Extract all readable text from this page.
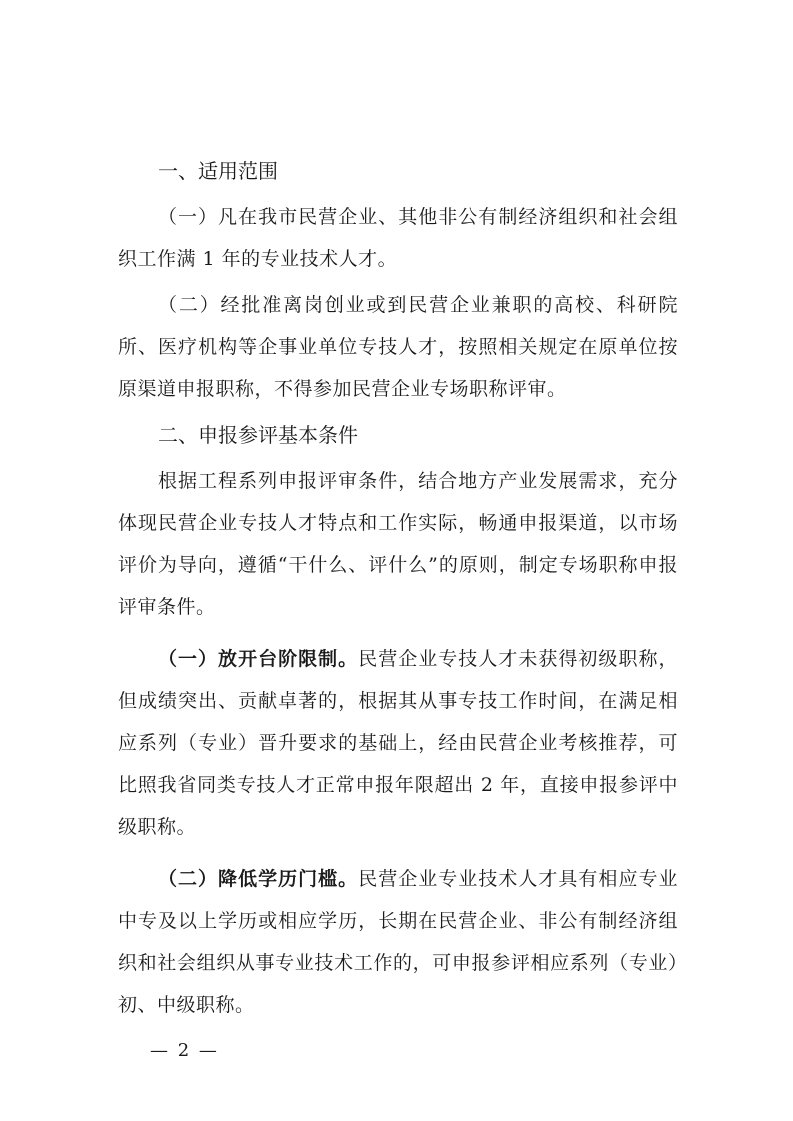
一、适用范围

（一）凡在我市民营企业、其他非公有制经济组织和社会组织工作满 1 年的专业技术人才。

（二）经批准离岗创业或到民营企业兼职的高校、科研院所、医疗机构等企事业单位专技人才，按照相关规定在原单位按原渠道申报职称，不得参加民营企业专场职称评审。

二、申报参评基本条件

根据工程系列申报评审条件，结合地方产业发展需求，充分体现民营企业专技人才特点和工作实际，畅通申报渠道，以市场评价为导向，遵循“干什么、评什么”的原则，制定专场职称申报评审条件。

（一）放开台阶限制。民营企业专技人才未获得初级职称，但成绩突出、贡献卓著的，根据其从事专技工作时间，在满足相应系列（专业）晋升要求的基础上，经由民营企业考核推荐，可比照我省同类专技人才正常申报年限超出 2 年，直接申报参评中级职称。

（二）降低学历门槛。民营企业专业技术人才具有相应专业中专及以上学历或相应学历，长期在民营企业、非公有制经济组织和社会组织从事专业技术工作的，可申报参评相应系列（专业）初、中级职称。

— 2 —
